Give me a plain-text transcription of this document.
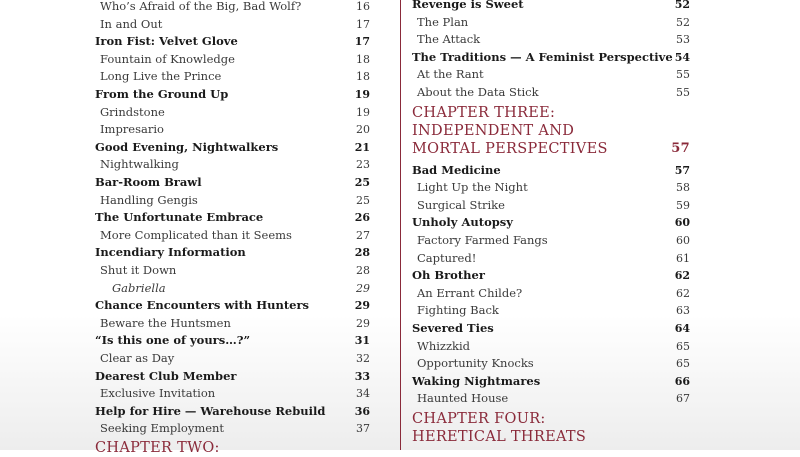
Who’s Afraid of the Big, Bad Wolf?	16
In and Out	17
Iron Fist: Velvet Glove	17
Fountain of Knowledge	18
Long Live the Prince	18
From the Ground Up	19
Grindstone	19
Impresario	20
Good Evening, Nightwalkers	21
Nightwalking	23
Bar-Room Brawl	25
Handling Gengis	25
The Unfortunate Embrace	26
More Complicated than it Seems	27
Incendiary Information	28
Shut it Down	28
Gabriella	29
Chance Encounters with Hunters	29
Beware the Huntsmen	29
“Is this one of yours…?”	31
Clear as Day	32
Dearest Club Member	33
Exclusive Invitation	34
Help for Hire — Warehouse Rebuild	36
Seeking Employment	37
CHAPTER TWO:
Revenge is Sweet	52
The Plan	52
The Attack	53
The Traditions — A Feminist Perspective 54
At the Rant	55
About the Data Stick	55
CHAPTER THREE:
INDEPENDENT AND
MORTAL PERSPECTIVES	57
Bad Medicine	57
Light Up the Night	58
Surgical Strike	59
Unholy Autopsy	60
Factory Farmed Fangs	60
Captured!	61
Oh Brother	62
An Errant Childe?	62
Fighting Back	63
Severed Ties	64
Whizzkid	65
Opportunity Knocks	65
Waking Nightmares	66
Haunted House	67
CHAPTER FOUR:
HERETICAL THREATS
